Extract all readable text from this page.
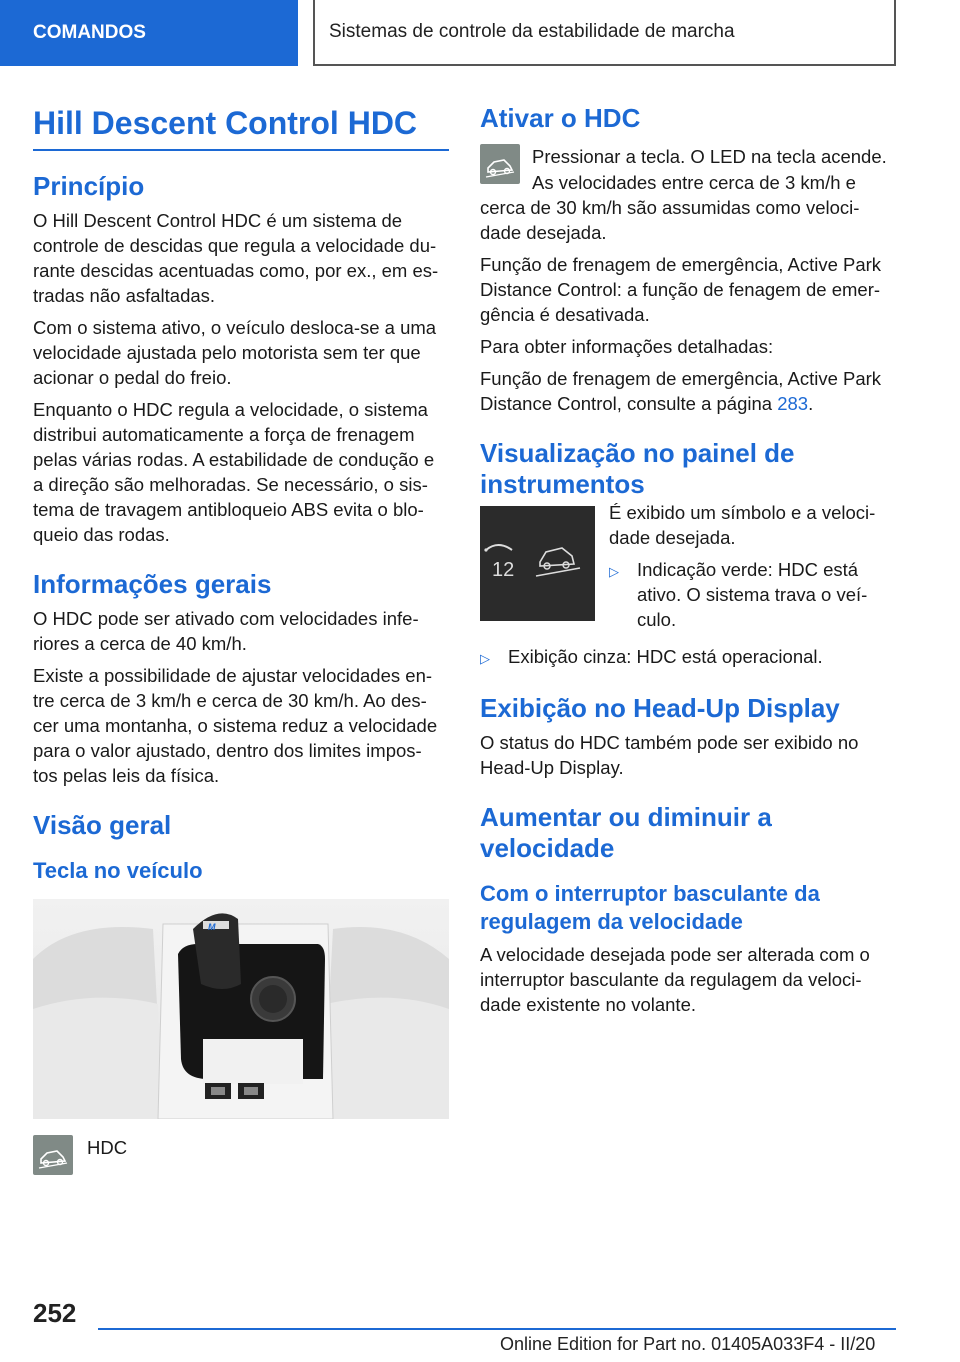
COMANDOS	Sistemas de controle da estabilidade de marcha
Hill Descent Control HDC
Princípio

O Hill Descent Control HDC é um sistema de controle de descidas que regula a velocidade du‐ rante descidas acentuadas como, por ex., em es‐ tradas não asfaltadas.

Com o sistema ativo, o veículo desloca-se a uma velocidade ajustada pelo motorista sem ter que acionar o pedal do freio.

Enquanto o HDC regula a velocidade, o sistema distribui automaticamente a força de frenagem pelas várias rodas. A estabilidade de condução e a direção são melhoradas. Se necessário, o sis‐ tema de travagem antibloqueio ABS evita o blo‐ queio das rodas.

Informações gerais

O HDC pode ser ativado com velocidades infe‐ riores a cerca de 40 km/h.

Existe a possibilidade de ajustar velocidades en‐ tre cerca de 3 km/h e cerca de 30 km/h. Ao des‐ cer uma montanha, o sistema reduz a velocidade para o valor ajustado, dentro dos limites impos‐ tos pelas leis da física.

Visão geral
Tecla no veículo
M
HDC
Ativar o HDC

Pressionar a tecla. O LED na tecla acende.

As velocidades entre cerca de 3 km/h e cerca de 30 km/h são assumidas como veloci‐ dade desejada.

Função de frenagem de emergência, Active Park Distance Control: a função de fenagem de emer‐ gência é desativada.

Para obter informações detalhadas:

Função de frenagem de emergência, Active Park Distance Control, consulte a página 283.

Visualização no painel de instrumentos
12

É exibido um símbolo e a veloci‐ dade desejada.

▷ Indicação verde: HDC está ativo. O sistema trava o veí‐ culo.
▷ Exibição cinza: HDC está operacional.
Exibição no Head-Up Display

O status do HDC também pode ser exibido no Head-Up Display.

Aumentar ou diminuir a velocidade
Com o interruptor basculante da regulagem da velocidade

A velocidade desejada pode ser alterada com o interruptor basculante da regulagem da veloci‐ dade existente no volante.

252
Online Edition for Part no. 01405A033F4 - II/20
